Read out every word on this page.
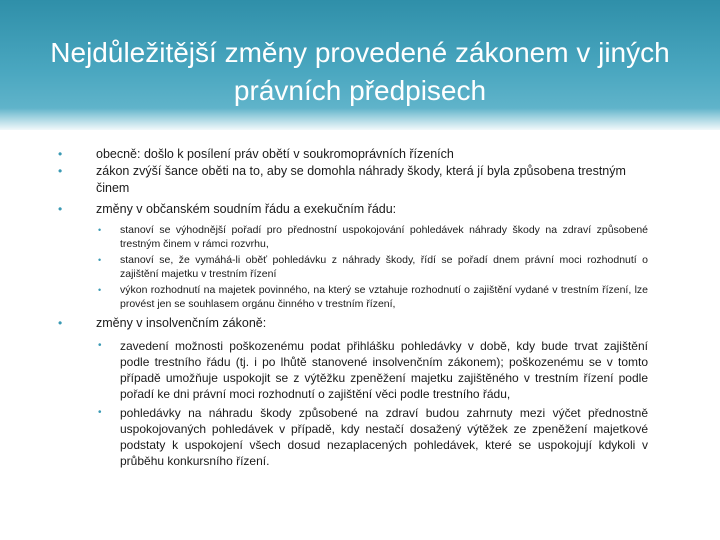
Nejdůležitější změny provedené zákonem v jiných právních předpisech
•	obecně: došlo k posílení práv obětí v soukromoprávních řízeních
•	zákon zvýší šance oběti na to, aby se domohla náhrady škody, která jí byla způsobena trestným činem
•	změny v občanském soudním řádu a exekučním řádu:
• stanoví se výhodnější pořadí pro přednostní uspokojování pohledávek náhrady škody na zdraví způsobené trestným činem v rámci rozvrhu,
• stanoví se, že vymáhá-li oběť pohledávku z náhrady škody, řídí se pořadí dnem právní moci rozhodnutí o zajištění majetku v trestním řízení
• výkon rozhodnutí na majetek povinného, na který se vztahuje rozhodnutí o zajištění vydané v trestním řízení, lze provést jen se souhlasem orgánu činného v trestním řízení,
•	změny v insolvenčním zákoně:
• zavedení možnosti poškozenému podat přihlášku pohledávky v době, kdy bude trvat zajištění podle trestního řádu (tj. i po lhůtě stanovené insolvenčním zákonem); poškozenému se v tomto případě umožňuje uspokojit se z výtěžku zpeněžení majetku zajištěného v trestním řízení podle pořadí ke dni právní moci rozhodnutí o zajištění věci podle trestního řádu,
• pohledávky na náhradu škody způsobené na zdraví budou zahrnuty mezi výčet přednostně uspokojovaných pohledávek v případě, kdy nestačí dosažený výtěžek ze zpeněžení majetkové podstaty k uspokojení všech dosud nezaplacených pohledávek, které se uspokojují kdykoli v průběhu konkursního řízení.
